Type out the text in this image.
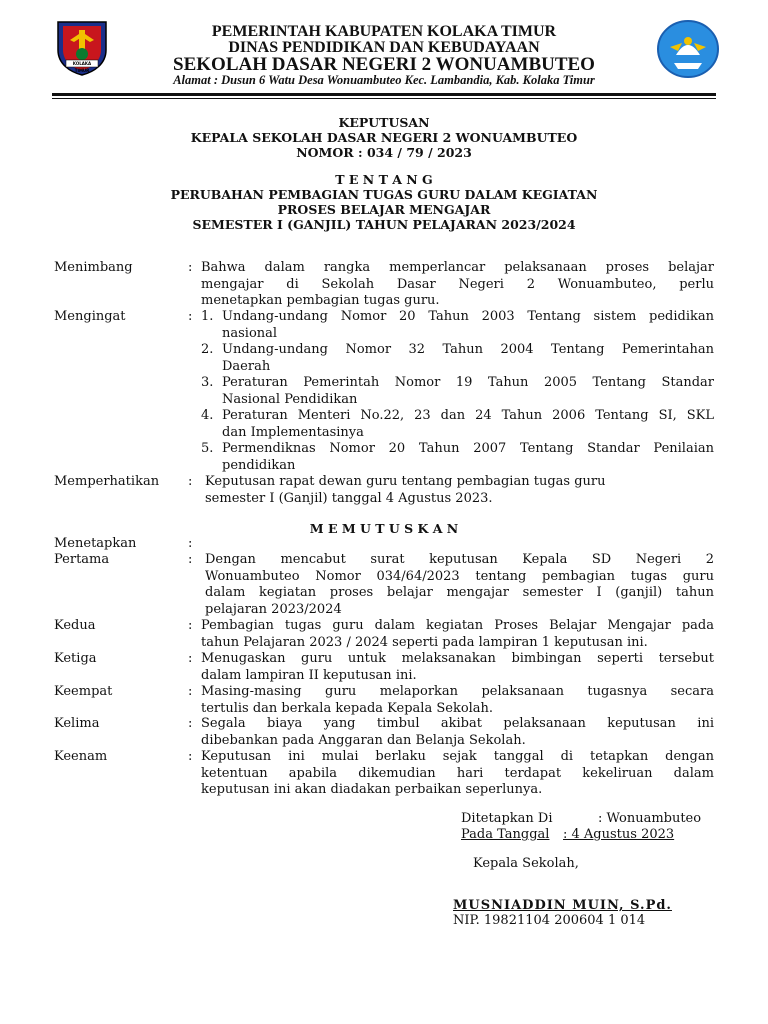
KOLAKA TIMUR
PEMERINTAH KABUPATEN KOLAKA TIMUR
DINAS PENDIDIKAN DAN KEBUDAYAAN
SEKOLAH DASAR NEGERI 2 WONUAMBUTEO
Alamat : Dusun 6 Watu Desa Wonuambuteo Kec. Lambandia, Kab. Kolaka Timur
KEPUTUSAN
KEPALA SEKOLAH DASAR NEGERI 2 WONUAMBUTEO
NOMOR : 034 / 79 / 2023
T E N T A N G
PERUBAHAN PEMBAGIAN TUGAS GURU DALAM KEGIATAN
PROSES BELAJAR MENGAJAR
SEMESTER I (GANJIL) TAHUN PELAJARAN 2023/2024
Menimbang	: Bahwa dalam rangka memperlancar pelaksanaan proses belajar
mengajar di Sekolah Dasar Negeri 2 Wonuambuteo, perlu
menetapkan pembagian tugas guru.
Mengingat	: 1. Undang-undang Nomor 20 Tahun 2003 Tentang sistem pedidikan
nasional
2. Undang-undang Nomor 32 Tahun 2004 Tentang Pemerintahan
Daerah
3. Peraturan Pemerintah Nomor 19 Tahun 2005 Tentang Standar
Nasional Pendidikan
4. Peraturan Menteri No.22, 23 dan 24 Tahun 2006 Tentang SI, SKL
dan Implementasinya
5. Permendiknas Nomor 20 Tahun 2007 Tentang Standar Penilaian
pendidikan
Memperhatikan : Keputusan rapat dewan guru tentang pembagian tugas guru
semester I (Ganjil) tanggal 4 Agustus 2023.
M E M U T U S K A N
Menetapkan	:
Pertama	: Dengan mencabut surat keputusan Kepala SD Negeri 2
Wonuambuteo Nomor 034/64/2023 tentang pembagian tugas guru
dalam kegiatan proses belajar mengajar semester I (ganjil) tahun
pelajaran 2023/2024
Kedua	: Pembagian tugas guru dalam kegiatan Proses Belajar Mengajar pada
tahun Pelajaran 2023 / 2024 seperti pada lampiran 1 keputusan ini.
Ketiga	: Menugaskan guru untuk melaksanakan bimbingan seperti tersebut
dalam lampiran II keputusan ini.
Keempat	: Masing-masing guru melaporkan pelaksanaan tugasnya secara
tertulis dan berkala kepada Kepala Sekolah.
Kelima	: Segala biaya yang timbul akibat pelaksanaan keputusan ini
dibebankan pada Anggaran dan Belanja Sekolah.
Keenam	: Keputusan ini mulai berlaku sejak tanggal di tetapkan dengan
ketentuan apabila dikemudian hari terdapat kekeliruan dalam
keputusan ini akan diadakan perbaikan seperlunya.
Ditetapkan Di	: Wonuambuteo
Pada Tanggal : 4 Agustus 2023
Kepala Sekolah,
MUSNIADDIN MUIN, S.Pd.
NIP. 19821104 200604 1 014
